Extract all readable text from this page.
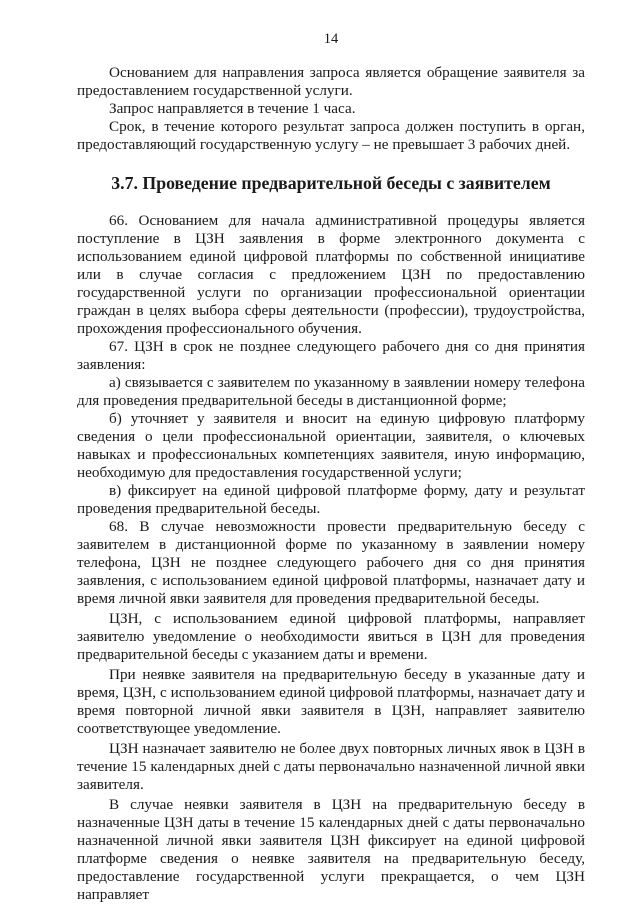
14

Основанием для направления запроса является обращение заявителя за предоставлением государственной услуги.

Запрос направляется в течение 1 часа.

Срок, в течение которого результат запроса должен поступить в орган, предоставляющий государственную услугу – не превышает 3 рабочих дней.

3.7. Проведение предварительной беседы с заявителем

66. Основанием для начала административной процедуры является поступление в ЦЗН заявления в форме электронного документа с использованием единой цифровой платформы по собственной инициативе или в случае согласия с предложением ЦЗН по предоставлению государственной услуги по организации профессиональной ориентации граждан в целях выбора сферы деятельности (профессии), трудоустройства, прохождения профессионального обучения.

67. ЦЗН в срок не позднее следующего рабочего дня со дня принятия заявления:

а) связывается с заявителем по указанному в заявлении номеру телефона для проведения предварительной беседы в дистанционной форме;
б) уточняет у заявителя и вносит на единую цифровую платформу сведения о цели профессиональной ориентации, заявителя, о ключевых навыках и профессиональных компетенциях заявителя, иную информацию, необходимую для предоставления государственной услуги;
в) фиксирует на единой цифровой платформе форму, дату и результат проведения предварительной беседы.

68. В случае невозможности провести предварительную беседу с заявителем в дистанционной форме по указанному в заявлении номеру телефона, ЦЗН не позднее следующего рабочего дня со дня принятия заявления, с использованием единой цифровой платформы, назначает дату и время личной явки заявителя для проведения предварительной беседы.

ЦЗН, с использованием единой цифровой платформы, направляет заявителю уведомление о необходимости явиться в ЦЗН для проведения предварительной беседы с указанием даты и времени.

При неявке заявителя на предварительную беседу в указанные дату и время, ЦЗН, с использованием единой цифровой платформы, назначает дату и время повторной личной явки заявителя в ЦЗН, направляет заявителю соответствующее уведомление.

ЦЗН назначает заявителю не более двух повторных личных явок в ЦЗН в течение 15 календарных дней с даты первоначально назначенной личной явки заявителя.

В случае неявки заявителя в ЦЗН на предварительную беседу в назначенные ЦЗН даты в течение 15 календарных дней с даты первоначально назначенной личной явки заявителя ЦЗН фиксирует на единой цифровой платформе сведения о неявке заявителя на предварительную беседу, предоставление государственной услуги прекращается, о чем ЦЗН направляет
